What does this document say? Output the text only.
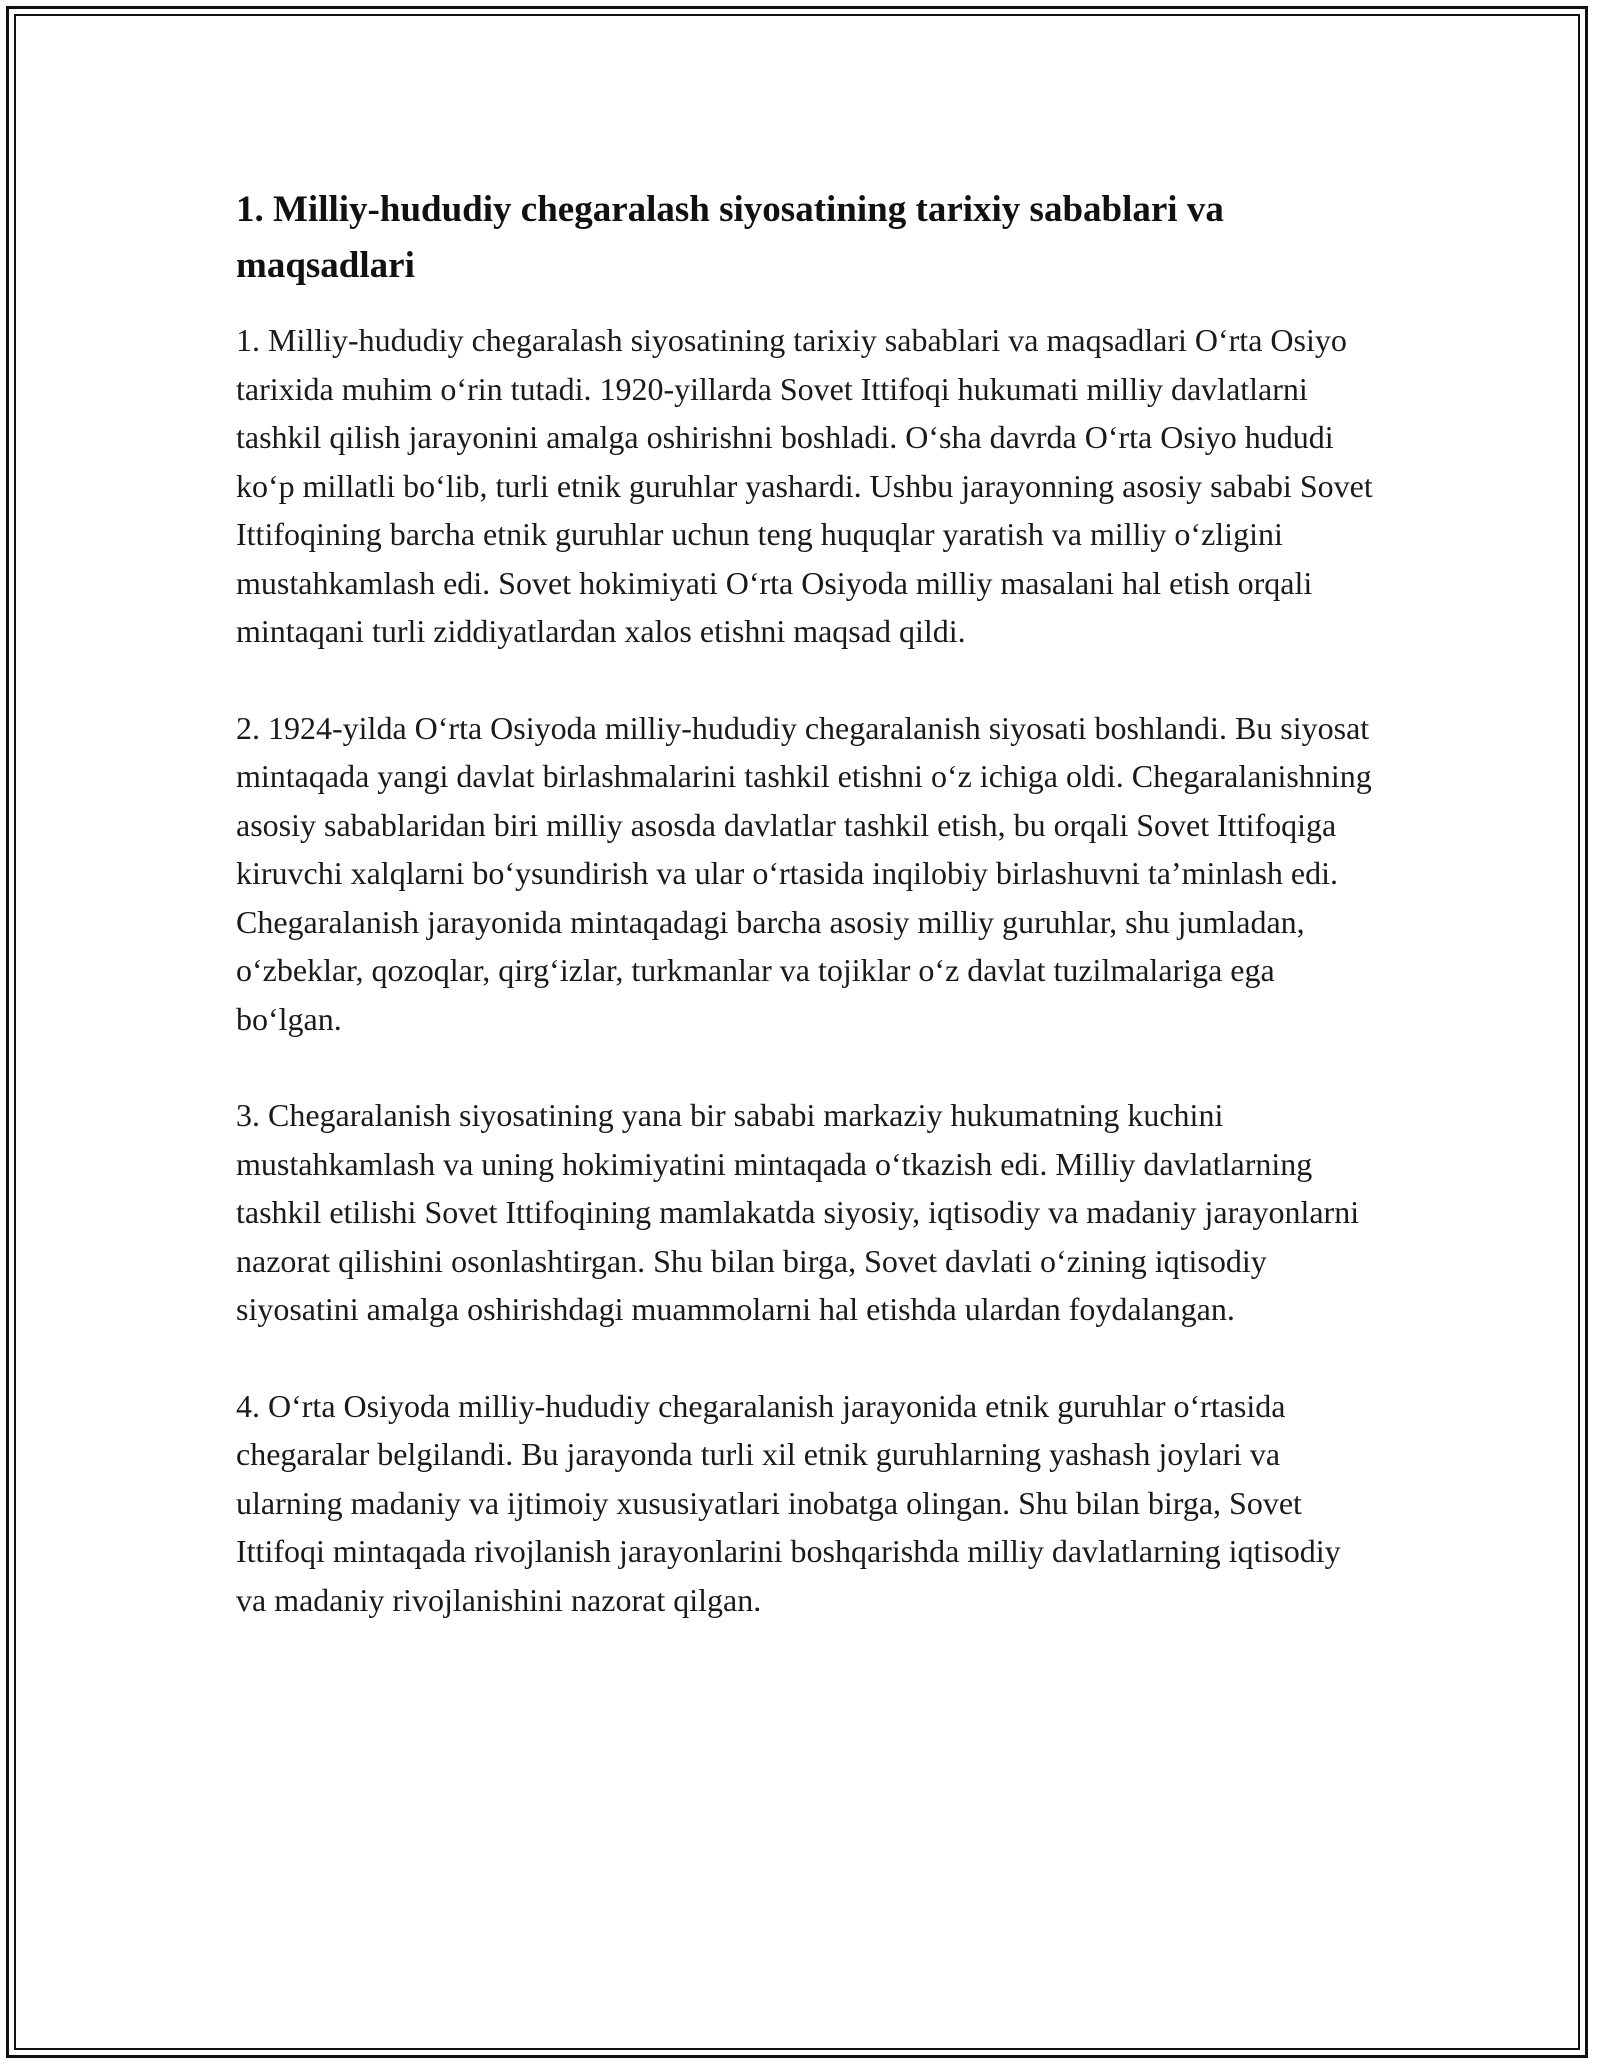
1. Milliy-hududiy chegaralash siyosatining tarixiy sabablari va maqsadlari

1. Milliy-hududiy chegaralash siyosatining tarixiy sabablari va maqsadlari O‘rta Osiyo tarixida muhim o‘rin tutadi. 1920-yillarda Sovet Ittifoqi hukumati milliy davlatlarni tashkil qilish jarayonini amalga oshirishni boshladi. O‘sha davrda O‘rta Osiyo hududi ko‘p millatli bo‘lib, turli etnik guruhlar yashardi. Ushbu jarayonning asosiy sababi Sovet Ittifoqining barcha etnik guruhlar uchun teng huquqlar yaratish va milliy o‘zligini mustahkamlash edi. Sovet hokimiyati O‘rta Osiyoda milliy masalani hal etish orqali mintaqani turli ziddiyatlardan xalos etishni maqsad qildi.

2. 1924-yilda O‘rta Osiyoda milliy-hududiy chegaralanish siyosati boshlandi. Bu siyosat mintaqada yangi davlat birlashmalarini tashkil etishni o‘z ichiga oldi. Chegaralanishning asosiy sabablaridan biri milliy asosda davlatlar tashkil etish, bu orqali Sovet Ittifoqiga kiruvchi xalqlarni bo‘ysundirish va ular o‘rtasida inqilobiy birlashuvni ta’minlash edi. Chegaralanish jarayonida mintaqadagi barcha asosiy milliy guruhlar, shu jumladan, o‘zbeklar, qozoqlar, qirg‘izlar, turkmanlar va tojiklar o‘z davlat tuzilmalariga ega bo‘lgan.

3. Chegaralanish siyosatining yana bir sababi markaziy hukumatning kuchini mustahkamlash va uning hokimiyatini mintaqada o‘tkazish edi. Milliy davlatlarning tashkil etilishi Sovet Ittifoqining mamlakatda siyosiy, iqtisodiy va madaniy jarayonlarni nazorat qilishini osonlashtirgan. Shu bilan birga, Sovet davlati o‘zining iqtisodiy siyosatini amalga oshirishdagi muammolarni hal etishda ulardan foydalangan.

4. O‘rta Osiyoda milliy-hududiy chegaralanish jarayonida etnik guruhlar o‘rtasida chegaralar belgilandi. Bu jarayonda turli xil etnik guruhlarning yashash joylari va ularning madaniy va ijtimoiy xususiyatlari inobatga olingan. Shu bilan birga, Sovet Ittifoqi mintaqada rivojlanish jarayonlarini boshqarishda milliy davlatlarning iqtisodiy va madaniy rivojlanishini nazorat qilgan.
